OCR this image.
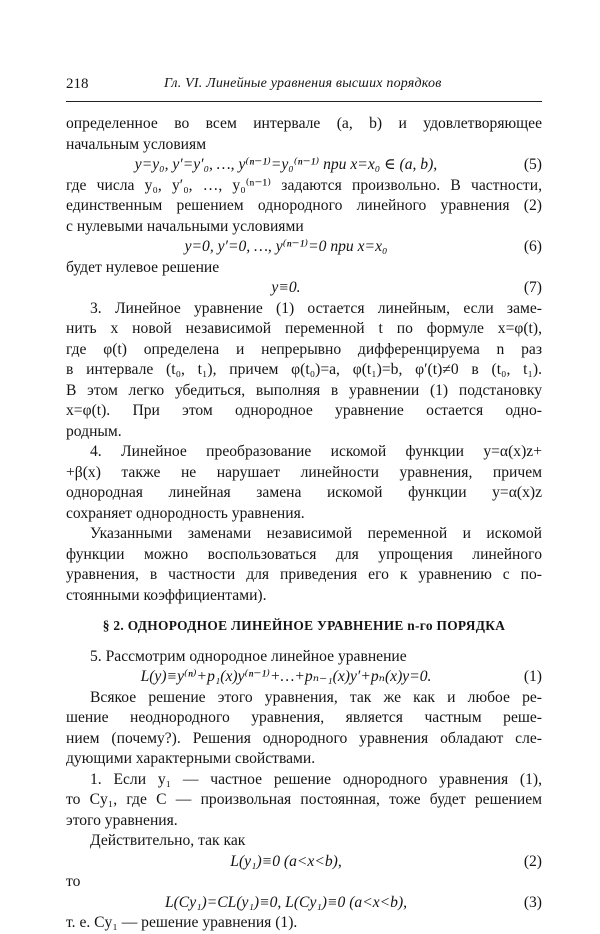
218	Гл. VI. Линейные уравнения высших порядков
определенное во всем интервале (a, b) и удовлетворяющее
начальным условиям
y=y₀, y′=y′₀, …, y⁽ⁿ⁻¹⁾=y₀⁽ⁿ⁻¹⁾ при x=x₀ ∈ (a, b),	(5)
где числа y₀, y′₀, …, y₀⁽ⁿ⁻¹⁾ задаются произвольно. В частности,
единственным решением однородного линейного уравнения (2)
с нулевыми начальными условиями
y=0, y′=0, …, y⁽ⁿ⁻¹⁾=0 при x=x₀	(6)
будет нулевое решение
y≡0.	(7)
3. Линейное уравнение (1) остается линейным, если заме-
нить x новой независимой переменной t по формуле x=φ(t),
где φ(t) определена и непрерывно дифференцируема n раз
в интервале (t₀, t₁), причем φ(t₀)=a, φ(t₁)=b, φ′(t)≠0 в (t₀, t₁).
В этом легко убедиться, выполняя в уравнении (1) подстановку
x=φ(t). При этом однородное уравнение остается одно-
родным.
4. Линейное преобразование искомой функции y=α(x)z+
+β(x) также не нарушает линейности уравнения, причем
однородная линейная замена искомой функции y=α(x)z
сохраняет однородность уравнения.
Указанными заменами независимой переменной и искомой
функции можно воспользоваться для упрощения линейного
уравнения, в частности для приведения его к уравнению с по-
стоянными коэффициентами).
§ 2. ОДНОРОДНОЕ ЛИНЕЙНОЕ УРАВНЕНИЕ n-го ПОРЯДКА
5. Рассмотрим однородное линейное уравнение
L(y)≡y⁽ⁿ⁾+p₁(x)y⁽ⁿ⁻¹⁾+…+pₙ₋₁(x)y′+pₙ(x)y=0.	(1)
Всякое решение этого уравнения, так же как и любое ре-
шение неоднородного уравнения, является частным реше-
нием (почему?). Решения однородного уравнения обладают сле-
дующими характерными свойствами.
1. Если y₁ — частное решение однородного уравнения (1),
то Cy₁, где C — произвольная постоянная, тоже будет решением
этого уравнения.
Действительно, так как
L(y₁)≡0 (a<x<b),	(2)
то
L(Cy₁)=CL(y₁)≡0, L(Cy₁)≡0 (a<x<b),	(3)
т. е. Cy₁ — решение уравнения (1).
